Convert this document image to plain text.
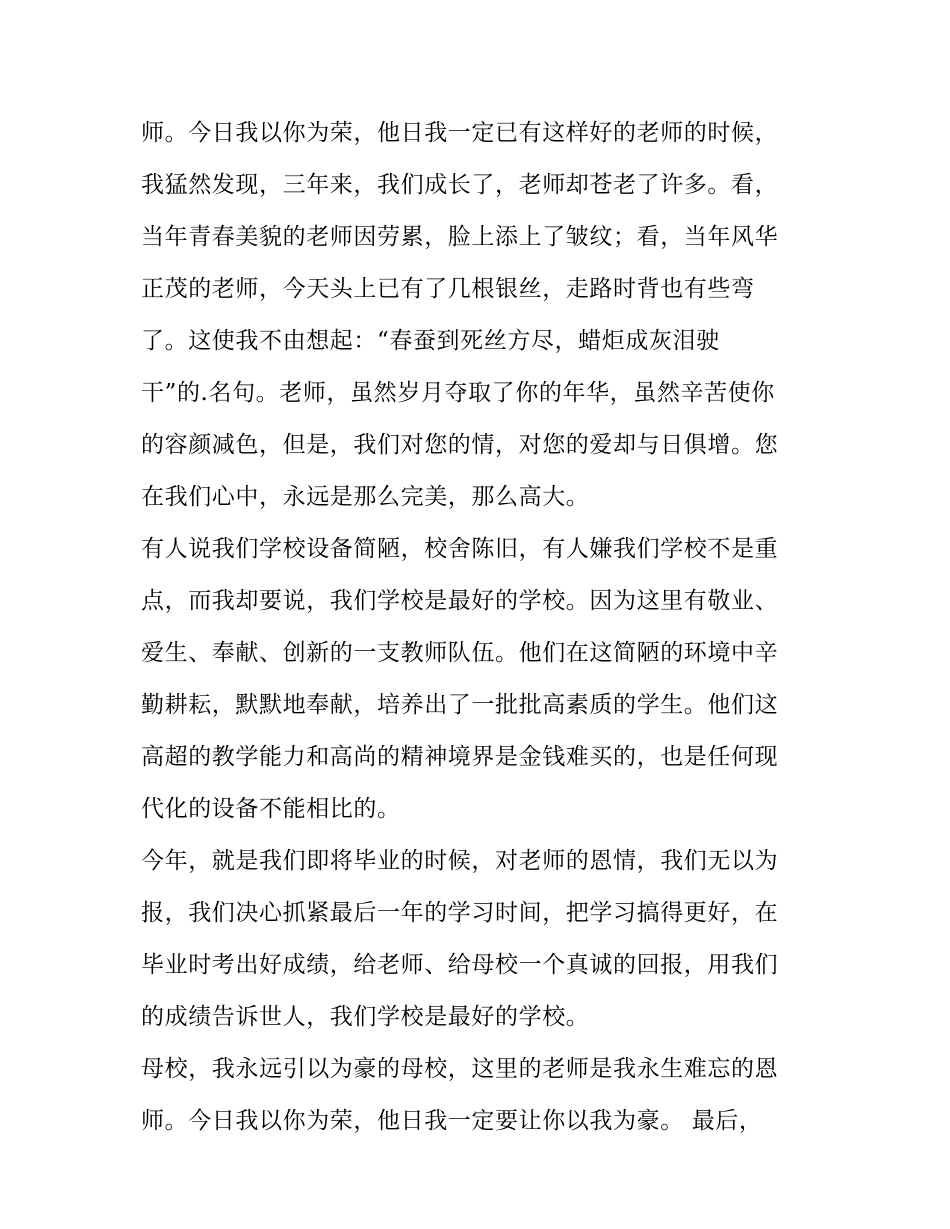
师。今日我以你为荣，他日我一定已有这样好的老师的时候，
我猛然发现，三年来，我们成长了，老师却苍老了许多。看，
当年青春美貌的老师因劳累，脸上添上了皱纹；看，当年风华
正茂的老师，今天头上已有了几根银丝，走路时背也有些弯
了。这使我不由想起：“春蚕到死丝方尽，蜡炬成灰泪驶
干”的.名句。老师，虽然岁月夺取了你的年华，虽然辛苦使你
的容颜减色，但是，我们对您的情，对您的爱却与日俱增。您
在我们心中，永远是那么完美，那么高大。
有人说我们学校设备简陋，校舍陈旧，有人嫌我们学校不是重
点，而我却要说，我们学校是最好的学校。因为这里有敬业、
爱生、奉献、创新的一支教师队伍。他们在这简陋的环境中辛
勤耕耘，默默地奉献，培养出了一批批高素质的学生。他们这
高超的教学能力和高尚的精神境界是金钱难买的，也是任何现
代化的设备不能相比的。
今年，就是我们即将毕业的时候，对老师的恩情，我们无以为
报，我们决心抓紧最后一年的学习时间，把学习搞得更好，在
毕业时考出好成绩，给老师、给母校一个真诚的回报，用我们
的成绩告诉世人，我们学校是最好的学校。
母校，我永远引以为豪的母校，这里的老师是我永生难忘的恩
师。今日我以你为荣，他日我一定要让你以我为豪。 最后，
